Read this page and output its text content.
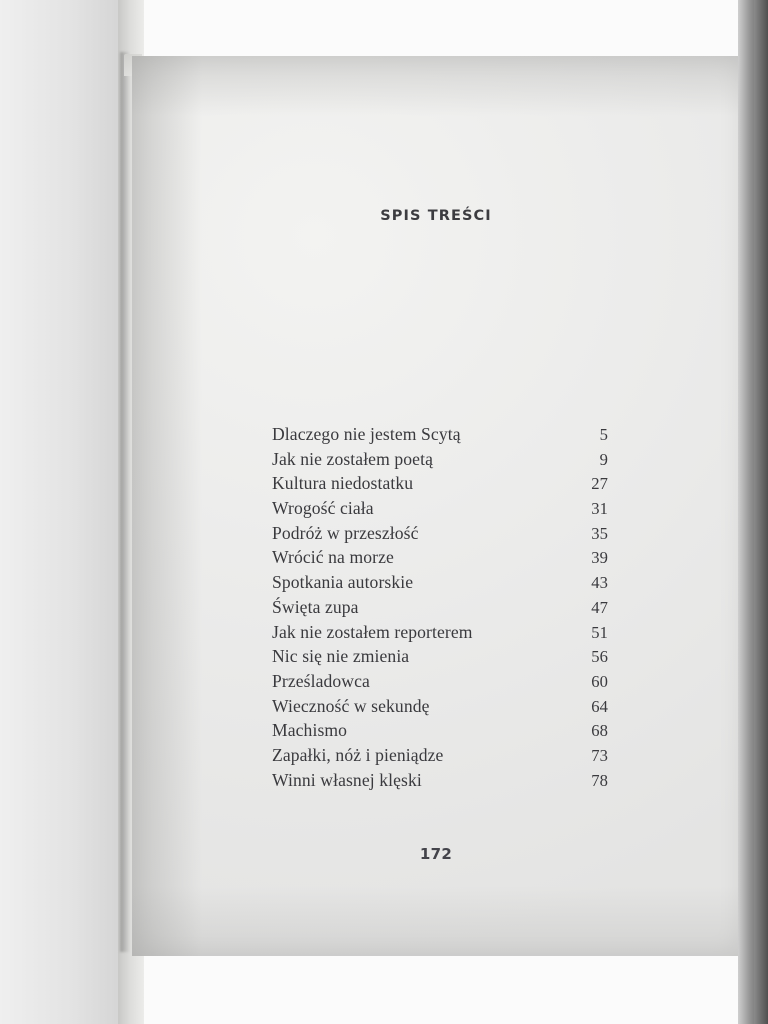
SPIS TREŚCI
Dlaczego nie jestem Scytą	5
Jak nie zostałem poetą	9
Kultura niedostatku	27
Wrogość ciała	31
Podróż w przeszłość	35
Wrócić na morze	39
Spotkania autorskie	43
Święta zupa	47
Jak nie zostałem reporterem	51
Nic się nie zmienia	56
Prześladowca	60
Wieczność w sekundę	64
Machismo	68
Zapałki, nóż i pieniądze	73
Winni własnej klęski	78
172
